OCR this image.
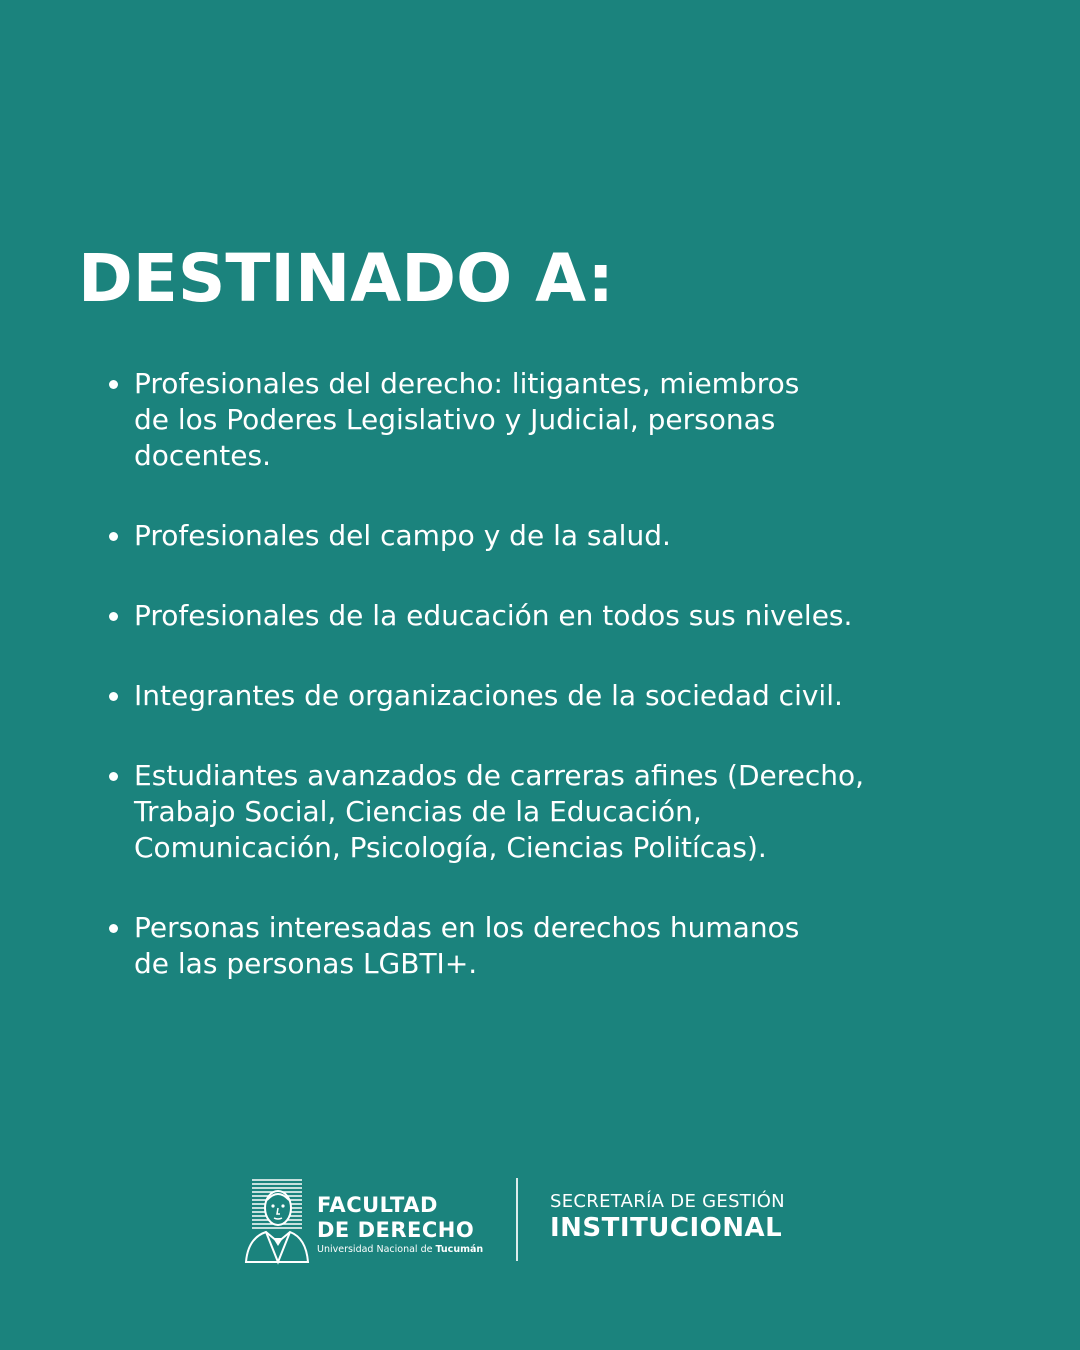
DESTINADO A:
Profesionales del derecho: litigantes, miembros
de los Poderes Legislativo y Judicial, personas
docentes.
Profesionales del campo y de la salud.
Profesionales de la educación en todos sus niveles.
Integrantes de organizaciones de la sociedad civil.
Estudiantes avanzados de carreras afines (Derecho,
Trabajo Social, Ciencias de la Educación,
Comunicación, Psicología, Ciencias Politícas).
Personas interesadas en los derechos humanos
de las personas LGBTI+.
FACULTAD
DE DERECHO
Universidad Nacional de Tucumán
SECRETARÍA DE GESTIÓN
INSTITUCIONAL
